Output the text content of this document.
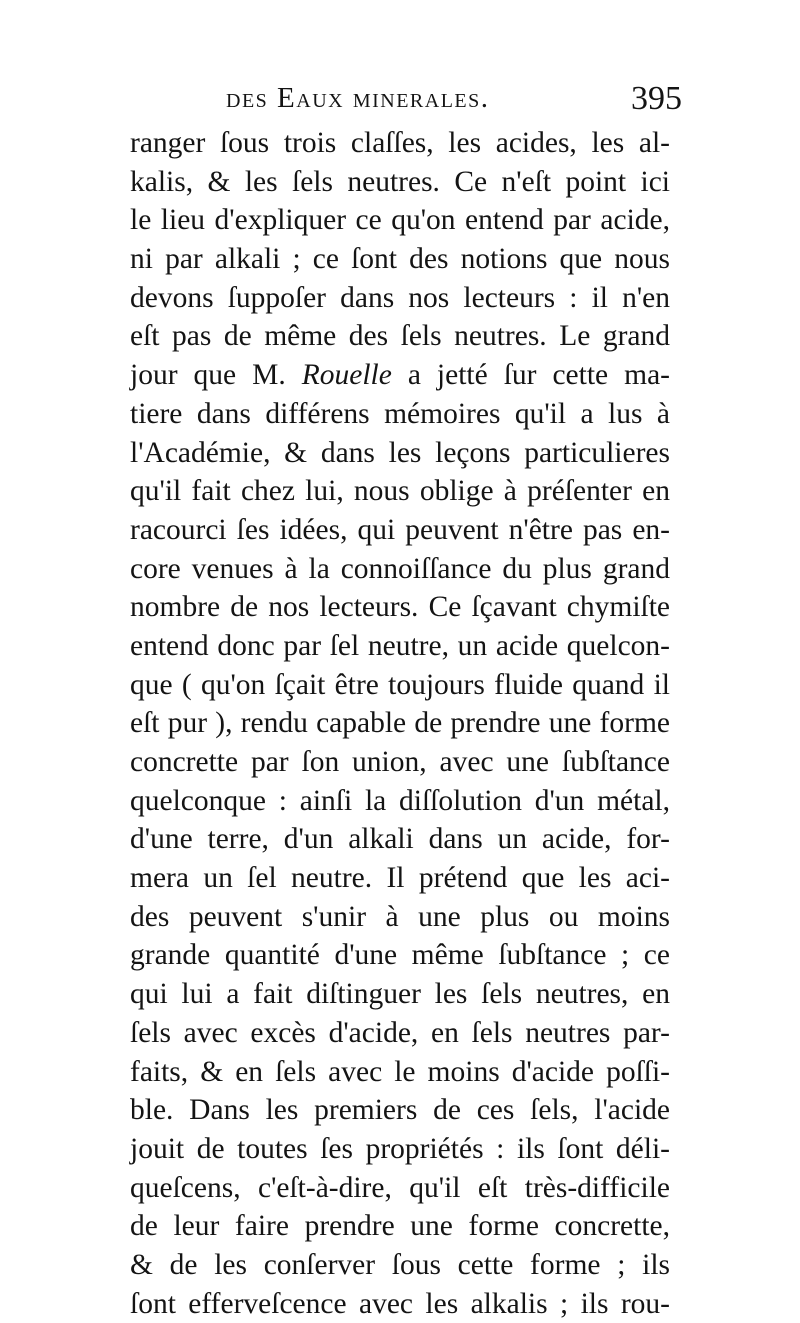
des Eaux minerales.	395
ranger ſous trois claſſes, les acides, les al-
kalis, & les ſels neutres. Ce n'eſt point ici
le lieu d'expliquer ce qu'on entend par acide,
ni par alkali ; ce ſont des notions que nous
devons ſuppoſer dans nos lecteurs : il n'en
eſt pas de même des ſels neutres. Le grand
jour que M. Rouelle a jetté ſur cette ma-
tiere dans différens mémoires qu'il a lus à
l'Académie, & dans les leçons particulieres
qu'il fait chez lui, nous oblige à préſenter en
racourci ſes idées, qui peuvent n'être pas en-
core venues à la connoiſſance du plus grand
nombre de nos lecteurs. Ce ſçavant chymiſte
entend donc par ſel neutre, un acide quelcon-
que ( qu'on ſçait être toujours fluide quand il
eſt pur ), rendu capable de prendre une forme
concrette par ſon union, avec une ſubſtance
quelconque : ainſi la diſſolution d'un métal,
d'une terre, d'un alkali dans un acide, for-
mera un ſel neutre. Il prétend que les aci-
des peuvent s'unir à une plus ou moins
grande quantité d'une même ſubſtance ; ce
qui lui a fait diſtinguer les ſels neutres, en
ſels avec excès d'acide, en ſels neutres par-
faits, & en ſels avec le moins d'acide poſſi-
ble. Dans les premiers de ces ſels, l'acide
jouit de toutes ſes propriétés : ils ſont déli-
queſcens, c'eſt-à-dire, qu'il eſt très-difficile
de leur faire prendre une forme concrette,
& de les conſerver ſous cette forme ; ils
ſont efferveſcence avec les alkalis ; ils rou-
